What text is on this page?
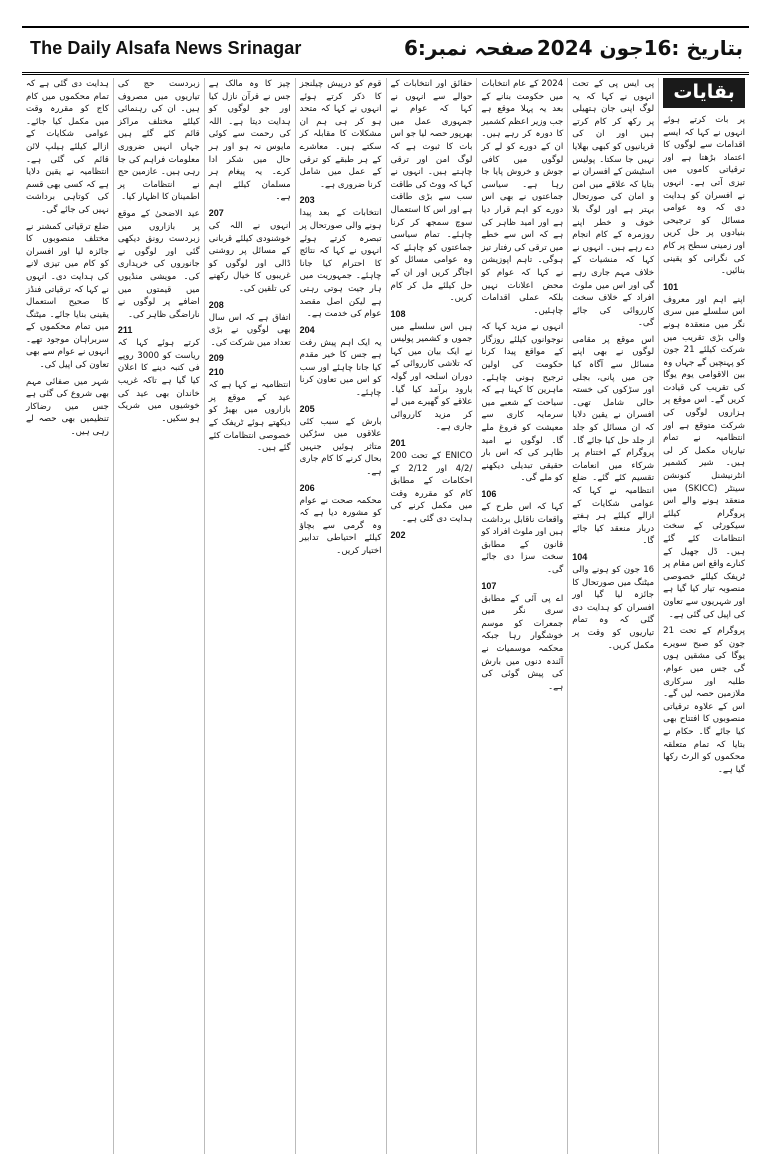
The Daily Alsafa News Srinagar	صفحہ نمبر:6 بتاریخ :16جون 2024
بقایات
پر بات کرتے ہوئے انہوں نے کہا کہ ایسے اقدامات سے لوگوں کا اعتماد بڑھتا ہے اور ترقیاتی کاموں میں تیزی آتی ہے۔ انہوں نے افسران کو ہدایت دی کہ وہ عوامی مسائل کو ترجیحی بنیادوں پر حل کریں اور زمینی سطح پر کام کی نگرانی کو یقینی بنائیں۔
101
اپنے اہم اور معروف اس سلسلے میں سری نگر میں منعقدہ ہونے والی بڑی تقریب میں شرکت کیلئے 21 جون کو پہنچیں گے جہاں وہ بین الاقوامی یوم یوگا کی تقریب کی قیادت کریں گے۔ اس موقع پر ہزاروں لوگوں کی شرکت متوقع ہے اور انتظامیہ نے تمام تیاریاں مکمل کر لی ہیں۔ شیر کشمیر انٹرنیشنل کنونشن سینٹر (SKICC) میں منعقد ہونے والے اس پروگرام کیلئے سیکورٹی کے سخت انتظامات کئے گئے ہیں۔ ڈل جھیل کے کنارے واقع اس مقام پر ٹریفک کیلئے خصوصی منصوبہ تیار کیا گیا ہے اور شہریوں سے تعاون کی اپیل کی گئی ہے۔
پروگرام کے تحت 21 جون کو صبح سویرے یوگا کی مشقیں ہوں گی جس میں عوام، طلبہ اور سرکاری ملازمین حصہ لیں گے۔ اس کے علاوہ ترقیاتی منصوبوں کا افتتاح بھی کیا جائے گا۔ حکام نے بتایا کہ تمام متعلقہ محکموں کو الرٹ رکھا گیا ہے۔
پی ایس پی کے تحت انہوں نے کہا کہ یہ لوگ اپنی جان ہتھیلی پر رکھ کر کام کرتے ہیں اور ان کی قربانیوں کو کبھی بھلایا نہیں جا سکتا۔ پولیس اسٹیشن کے افسران نے بتایا کہ علاقے میں امن و امان کی صورتحال بہتر ہے اور لوگ بلا خوف و خطر اپنے روزمرہ کے کام انجام دے رہے ہیں۔ انہوں نے کہا کہ منشیات کے خلاف مہم جاری رہے گی اور اس میں ملوث افراد کے خلاف سخت کارروائی کی جائے گی۔
اس موقع پر مقامی لوگوں نے بھی اپنے مسائل سے آگاہ کیا جن میں پانی، بجلی اور سڑکوں کی خستہ حالی شامل تھی۔ افسران نے یقین دلایا کہ ان مسائل کو جلد از جلد حل کیا جائے گا۔ پروگرام کے اختتام پر شرکاء میں انعامات تقسیم کئے گئے۔ ضلع انتظامیہ نے کہا کہ عوامی شکایات کے ازالے کیلئے ہر ہفتے دربار منعقد کیا جائے گا۔
104
16 جون کو ہونے والی میٹنگ میں صورتحال کا جائزہ لیا گیا اور افسران کو ہدایت دی گئی کہ وہ تمام تیاریوں کو وقت پر مکمل کریں۔
2024 کے عام انتخابات میں حکومت بنانے کے بعد یہ پہلا موقع ہے جب وزیر اعظم کشمیر کا دورہ کر رہے ہیں۔ ان کے دورے کو لے کر لوگوں میں کافی جوش و خروش پایا جا رہا ہے۔ سیاسی جماعتوں نے بھی اس دورے کو اہم قرار دیا ہے اور امید ظاہر کی ہے کہ اس سے خطے میں ترقی کی رفتار تیز ہوگی۔ تاہم اپوزیشن نے کہا کہ عوام کو محض اعلانات نہیں بلکہ عملی اقدامات چاہئیں۔
انہوں نے مزید کہا کہ نوجوانوں کیلئے روزگار کے مواقع پیدا کرنا حکومت کی اولین ترجیح ہونی چاہئے۔ ماہرین کا کہنا ہے کہ سیاحت کے شعبے میں سرمایہ کاری سے معیشت کو فروغ ملے گا۔ لوگوں نے امید ظاہر کی کہ اس بار حقیقی تبدیلی دیکھنے کو ملے گی۔
106
کہا کہ اس طرح کے واقعات ناقابل برداشت ہیں اور ملوث افراد کو قانون کے مطابق سخت سزا دی جائے گی۔
107
اے پی آئی کے مطابق سری نگر میں جمعرات کو موسم خوشگوار رہا جبکہ محکمہ موسمیات نے آئندہ دنوں میں بارش کی پیش گوئی کی ہے۔
حقائق اور انتخابات کے حوالے سے انہوں نے کہا کہ عوام نے جمہوری عمل میں بھرپور حصہ لیا جو اس بات کا ثبوت ہے کہ لوگ امن اور ترقی چاہتے ہیں۔ انہوں نے کہا کہ ووٹ کی طاقت سب سے بڑی طاقت ہے اور اس کا استعمال سوچ سمجھ کر کرنا چاہئے۔ تمام سیاسی جماعتوں کو چاہئے کہ وہ عوامی مسائل کو اجاگر کریں اور ان کے حل کیلئے مل کر کام کریں۔
108
ہیں اس سلسلے میں جموں و کشمیر پولیس نے ایک بیان میں کہا کہ تلاشی کارروائی کے دوران اسلحہ اور گولہ بارود برآمد کیا گیا۔ علاقے کو گھیرے میں لے کر مزید کارروائی جاری ہے۔
201
ENICO کے تحت 200 /4/2 اور 2/12 کے احکامات کے مطابق کام کو مقررہ وقت میں مکمل کرنے کی ہدایت دی گئی ہے۔
202
قوم کو درپیش چیلنجز کا ذکر کرتے ہوئے انہوں نے کہا کہ متحد ہو کر ہی ہم ان مشکلات کا مقابلہ کر سکتے ہیں۔ معاشرے کے ہر طبقے کو ترقی کے عمل میں شامل کرنا ضروری ہے۔
203
انتخابات کے بعد پیدا ہونے والی صورتحال پر تبصرہ کرتے ہوئے انہوں نے کہا کہ نتائج کا احترام کیا جانا چاہئے۔ جمہوریت میں ہار جیت ہوتی رہتی ہے لیکن اصل مقصد عوام کی خدمت ہے۔
204
یہ ایک اہم پیش رفت ہے جس کا خیر مقدم کیا جانا چاہئے اور سب کو اس میں تعاون کرنا چاہئے۔
205
بارش کے سبب کئی علاقوں میں سڑکیں متاثر ہوئیں جنہیں بحال کرنے کا کام جاری ہے۔
206
محکمہ صحت نے عوام کو مشورہ دیا ہے کہ وہ گرمی سے بچاؤ کیلئے احتیاطی تدابیر اختیار کریں۔
چیز کا وہ مالک ہے جس نے قرآن نازل کیا اور جو لوگوں کو ہدایت دیتا ہے۔ اللہ کی رحمت سے کوئی مایوس نہ ہو اور ہر حال میں شکر ادا کرے۔ یہ پیغام ہر مسلمان کیلئے اہم ہے۔
207
انہوں نے اللہ کی خوشنودی کیلئے قربانی کے مسائل پر روشنی ڈالی اور لوگوں کو غریبوں کا خیال رکھنے کی تلقین کی۔
208
اتفاق ہے کہ اس سال بھی لوگوں نے بڑی تعداد میں شرکت کی۔
209
210
انتظامیہ نے کہا ہے کہ عید کے موقع پر بازاروں میں بھیڑ کو دیکھتے ہوئے ٹریفک کے خصوصی انتظامات کئے گئے ہیں۔
زبردست حج کی تیاریوں میں مصروف ہیں۔ ان کی رہنمائی کیلئے مختلف مراکز قائم کئے گئے ہیں جہاں انہیں ضروری معلومات فراہم کی جا رہی ہیں۔ عازمین حج نے انتظامات پر اطمینان کا اظہار کیا۔
عید الاضحیٰ کے موقع پر بازاروں میں زبردست رونق دیکھی گئی اور لوگوں نے جانوروں کی خریداری کی۔ مویشی منڈیوں میں قیمتوں میں اضافے پر لوگوں نے ناراضگی ظاہر کی۔
211
کرتے ہوئے کہا کہ ریاست کو 3000 روپے فی کنبہ دینے کا اعلان کیا گیا ہے تاکہ غریب خاندان بھی عید کی خوشیوں میں شریک ہو سکیں۔
ہدایت دی گئی ہے کہ تمام محکموں میں کام کاج کو مقررہ وقت میں مکمل کیا جائے۔ عوامی شکایات کے ازالے کیلئے ہیلپ لائن قائم کی گئی ہے۔ انتظامیہ نے یقین دلایا ہے کہ کسی بھی قسم کی کوتاہی برداشت نہیں کی جائے گی۔
ضلع ترقیاتی کمشنر نے مختلف منصوبوں کا جائزہ لیا اور افسران کو کام میں تیزی لانے کی ہدایت دی۔ انہوں نے کہا کہ ترقیاتی فنڈز کا صحیح استعمال یقینی بنایا جائے۔ میٹنگ میں تمام محکموں کے سربراہان موجود تھے۔ انہوں نے عوام سے بھی تعاون کی اپیل کی۔
شہر میں صفائی مہم بھی شروع کی گئی ہے جس میں رضاکار تنظیمیں بھی حصہ لے رہی ہیں۔
